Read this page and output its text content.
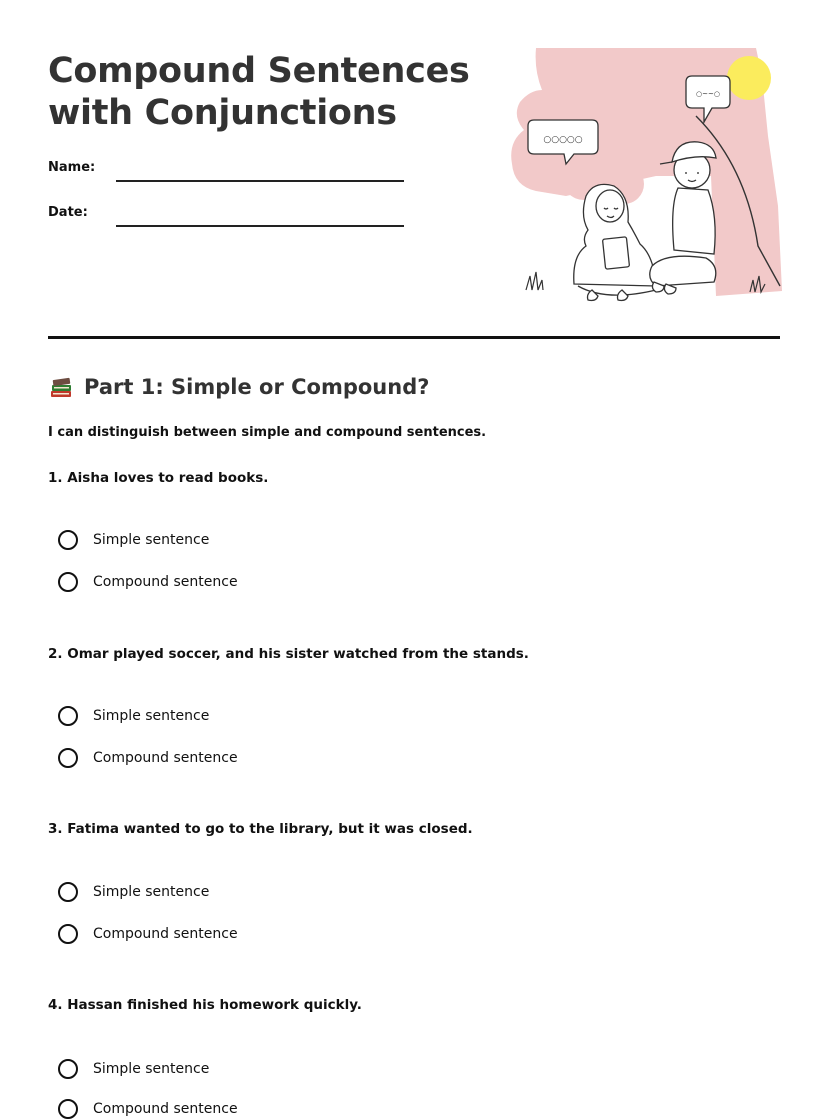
Compound Sentences
with Conjunctions
Name:
Date:
○○○○○
○~~○
Part 1: Simple or Compound?
I can distinguish between simple and compound sentences.
1. Aisha loves to read books.
Simple sentence
Compound sentence
2. Omar played soccer, and his sister watched from the stands.
Simple sentence
Compound sentence
3. Fatima wanted to go to the library, but it was closed.
Simple sentence
Compound sentence
4. Hassan finished his homework quickly.
Simple sentence
Compound sentence
